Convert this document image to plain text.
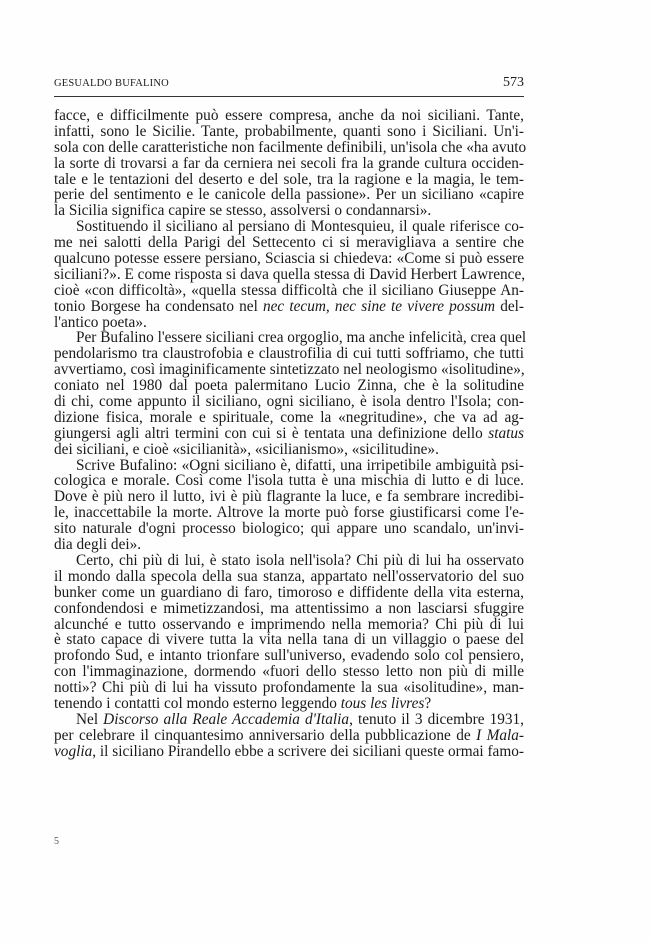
GESUALDO BUFALINO	573
facce, e difficilmente può essere compresa, anche da noi siciliani. Tante,
infatti, sono le Sicilie. Tante, probabilmente, quanti sono i Siciliani. Un'i-
sola con delle caratteristiche non facilmente definibili, un'isola che «ha avuto
la sorte di trovarsi a far da cerniera nei secoli fra la grande cultura occiden-
tale e le tentazioni del deserto e del sole, tra la ragione e la magia, le tem-
perie del sentimento e le canicole della passione». Per un siciliano «capire
la Sicilia significa capire se stesso, assolversi o condannarsi».
Sostituendo il siciliano al persiano di Montesquieu, il quale riferisce co-
me nei salotti della Parigi del Settecento ci si meravigliava a sentire che
qualcuno potesse essere persiano, Sciascia si chiedeva: «Come si può essere
siciliani?». E come risposta si dava quella stessa di David Herbert Lawrence,
cioè «con difficoltà», «quella stessa difficoltà che il siciliano Giuseppe An-
tonio Borgese ha condensato nel nec tecum, nec sine te vivere possum del-
l'antico poeta».
Per Bufalino l'essere siciliani crea orgoglio, ma anche infelicità, crea quel
pendolarismo tra claustrofobia e claustrofilia di cui tutti soffriamo, che tutti
avvertiamo, così imaginificamente sintetizzato nel neologismo «isolitudine»,
coniato nel 1980 dal poeta palermitano Lucio Zinna, che è la solitudine
di chi, come appunto il siciliano, ogni siciliano, è isola dentro l'Isola; con-
dizione fisica, morale e spirituale, come la «negritudine», che va ad ag-
giungersi agli altri termini con cui si è tentata una definizione dello status
dei siciliani, e cioè «sicilianità», «sicilianismo», «sicilitudine».
Scrive Bufalino: «Ogni siciliano è, difatti, una irripetibile ambiguità psi-
cologica e morale. Così come l'isola tutta è una mischia di lutto e di luce.
Dove è più nero il lutto, ivi è più flagrante la luce, e fa sembrare incredibi-
le, inaccettabile la morte. Altrove la morte può forse giustificarsi come l'e-
sito naturale d'ogni processo biologico; qui appare uno scandalo, un'invi-
dia degli dei».
Certo, chi più di lui, è stato isola nell'isola? Chi più di lui ha osservato
il mondo dalla specola della sua stanza, appartato nell'osservatorio del suo
bunker come un guardiano di faro, timoroso e diffidente della vita esterna,
confondendosi e mimetizzandosi, ma attentissimo a non lasciarsi sfuggire
alcunché e tutto osservando e imprimendo nella memoria? Chi più di lui
è stato capace di vivere tutta la vita nella tana di un villaggio o paese del
profondo Sud, e intanto trionfare sull'universo, evadendo solo col pensiero,
con l'immaginazione, dormendo «fuori dello stesso letto non più di mille
notti»? Chi più di lui ha vissuto profondamente la sua «isolitudine», man-
tenendo i contatti col mondo esterno leggendo tous les livres?
Nel Discorso alla Reale Accademia d'Italia, tenuto il 3 dicembre 1931,
per celebrare il cinquantesimo anniversario della pubblicazione de I Mala-
voglia, il siciliano Pirandello ebbe a scrivere dei siciliani queste ormai famo-
5
